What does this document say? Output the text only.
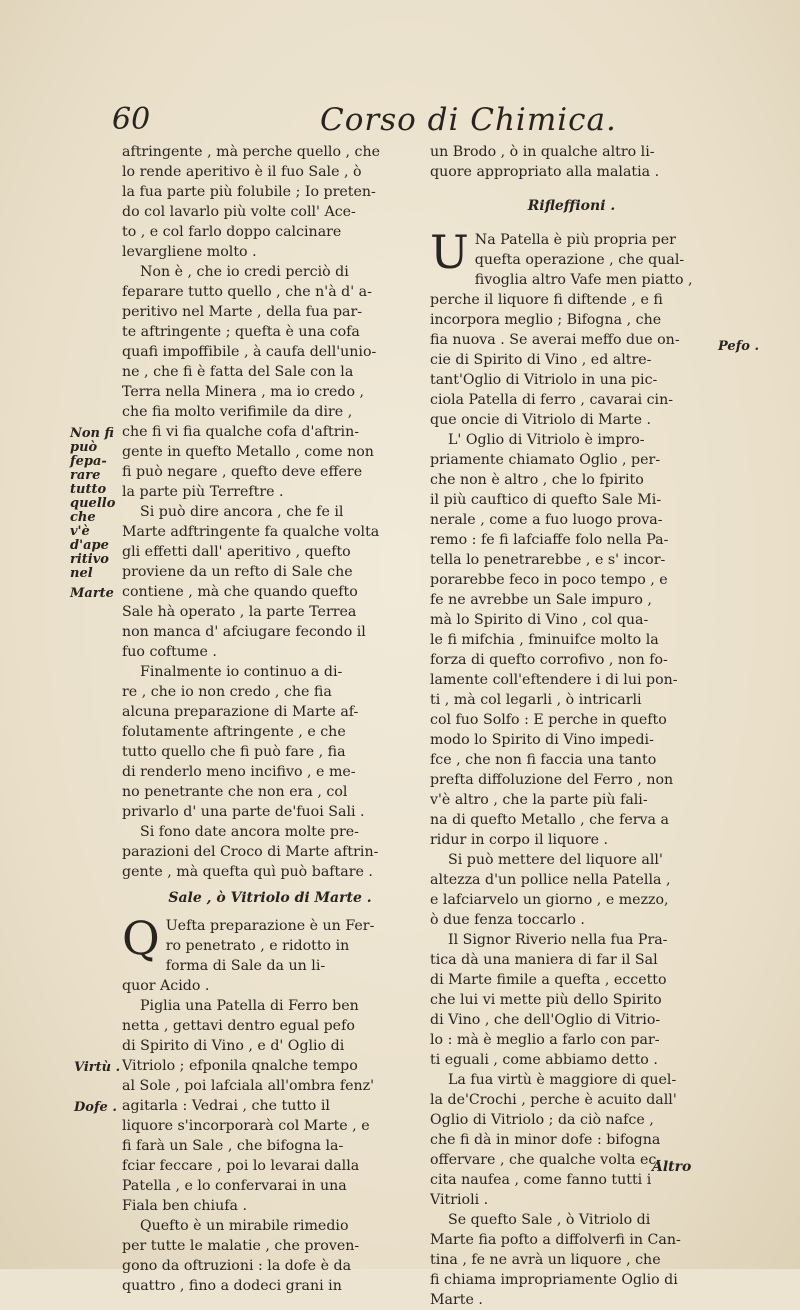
60	Corso di Chimica.

aftringente , mà perche quello , che
lo rende aperitivo è il fuo Sale , ò
la fua parte più folubile ; Io preten-
do col lavarlo più volte coll' Ace-
to , e col farlo doppo calcinare
levargliene molto .

Non è , che io credi perciò di
feparare tutto quello , che n'à d' a-
peritivo nel Marte , della fua par-
te aftringente ; quefta è una cofa
quafi impoffibile , à caufa dell'unio-
ne , che fi è fatta del Sale con la
Terra nella Minera , ma io credo ,
che fia molto verifimile da dire ,
che fi vi fia qualche cofa d'aftrin-
gente in quefto Metallo , come non
fi può negare , quefto deve effere
la parte più Terreftre .

Si può dire ancora , che fe il
Marte adftringente fa qualche volta
gli effetti dall' aperitivo , quefto
proviene da un refto di Sale che
contiene , mà che quando quefto
Sale hà operato , la parte Terrea
non manca d' afciugare fecondo il
fuo coftume .

Finalmente io continuo a di-
re , che io non credo , che fia
alcuna preparazione di Marte af-
folutamente aftringente , e che
tutto quello che fi può fare , fia
di renderlo meno incifivo , e me-
no penetrante che non era , col
privarlo d' una parte de'fuoi Sali .

Si fono date ancora molte pre-
parazioni del Croco di Marte aftrin-
gente , mà quefta quì può baftare .

Sale , ò Vitriolo di Marte .

Q Uefta preparazione è un Fer-
ro penetrato , e ridotto in
forma di Sale da un li-
quor Acido .

Piglia una Patella di Ferro ben
netta , gettavi dentro egual pefo
di Spirito di Vino , e d' Oglio di
Vitriolo ; efponila qnalche tempo
al Sole , poi lafciala all'ombra fenz'
agitarla : Vedrai , che tutto il
liquore s'incorporarà col Marte , e
fi farà un Sale , che bifogna la-
fciar feccare , poi lo levarai dalla
Patella , e lo confervarai in una
Fiala ben chiufa .

Quefto è un mirabile rimedio
per tutte le malatie , che proven-
gono da oftruzioni : la dofe è da
quattro , fino a dodeci grani in

un Brodo , ò in qualche altro li-
quore appropriato alla malatia .

Rifleffioni .

U Na Patella è più propria per
quefta operazione , che qual-
fivoglia altro Vafe men piatto ,
perche il liquore fi diftende , e fi
incorpora meglio ; Bifogna , che
fia nuova . Se averai meffo due on-
cie di Spirito di Vino , ed altre-
tant'Oglio di Vitriolo in una pic-
ciola Patella di ferro , cavarai cin-
que oncie di Vitriolo di Marte .

L' Oglio di Vitriolo è impro-
priamente chiamato Oglio , per-
che non è altro , che lo fpirito
il più cauftico di quefto Sale Mi-
nerale , come a fuo luogo prova-
remo : fe fi lafciaffe folo nella Pa-
tella lo penetrarebbe , e s' incor-
porarebbe feco in poco tempo , e
fe ne avrebbe un Sale impuro ,
mà lo Spirito di Vino , col qua-
le fi mifchia , fminuifce molto la
forza di quefto corrofivo , non fo-
lamente coll'eftendere i di lui pon-
ti , mà col legarli , ò intricarli
col fuo Solfo : E perche in quefto
modo lo Spirito di Vino impedi-
fce , che non fi faccia una tanto
prefta diffoluzione del Ferro , non
v'è altro , che la parte più fali-
na di quefto Metallo , che ferva a
ridur in corpo il liquore .

Si può mettere del liquore all'
altezza d'un pollice nella Patella ,
e lafciarvelo un giorno , e mezzo,
ò due fenza toccarlo .

Il Signor Riverio nella fua Pra-
tica dà una maniera di far il Sal
di Marte fimile a quefta , eccetto
che lui vi mette più dello Spirito
di Vino , che dell'Oglio di Vitrio-
lo : mà è meglio a farlo con par-
ti eguali , come abbiamo detto .

La fua virtù è maggiore di quel-
la de'Crochi , perche è acuito dall'
Oglio di Vitriolo ; da ciò nafce ,
che fi dà in minor dofe : bifogna
offervare , che qualche volta ec-
cita naufea , come fanno tutti i
Vitrioli .

Se quefto Sale , ò Vitriolo di
Marte fia pofto a diffolverfi in Can-
tina , fe ne avrà un liquore , che
fi chiama impropriamente Oglio di
Marte .

Non fi
può fepa-
rare tutto
quello che
v'è d'ape
ritivo nel
Marte
Virtù .
Dofe .
Pefo .
Altro
